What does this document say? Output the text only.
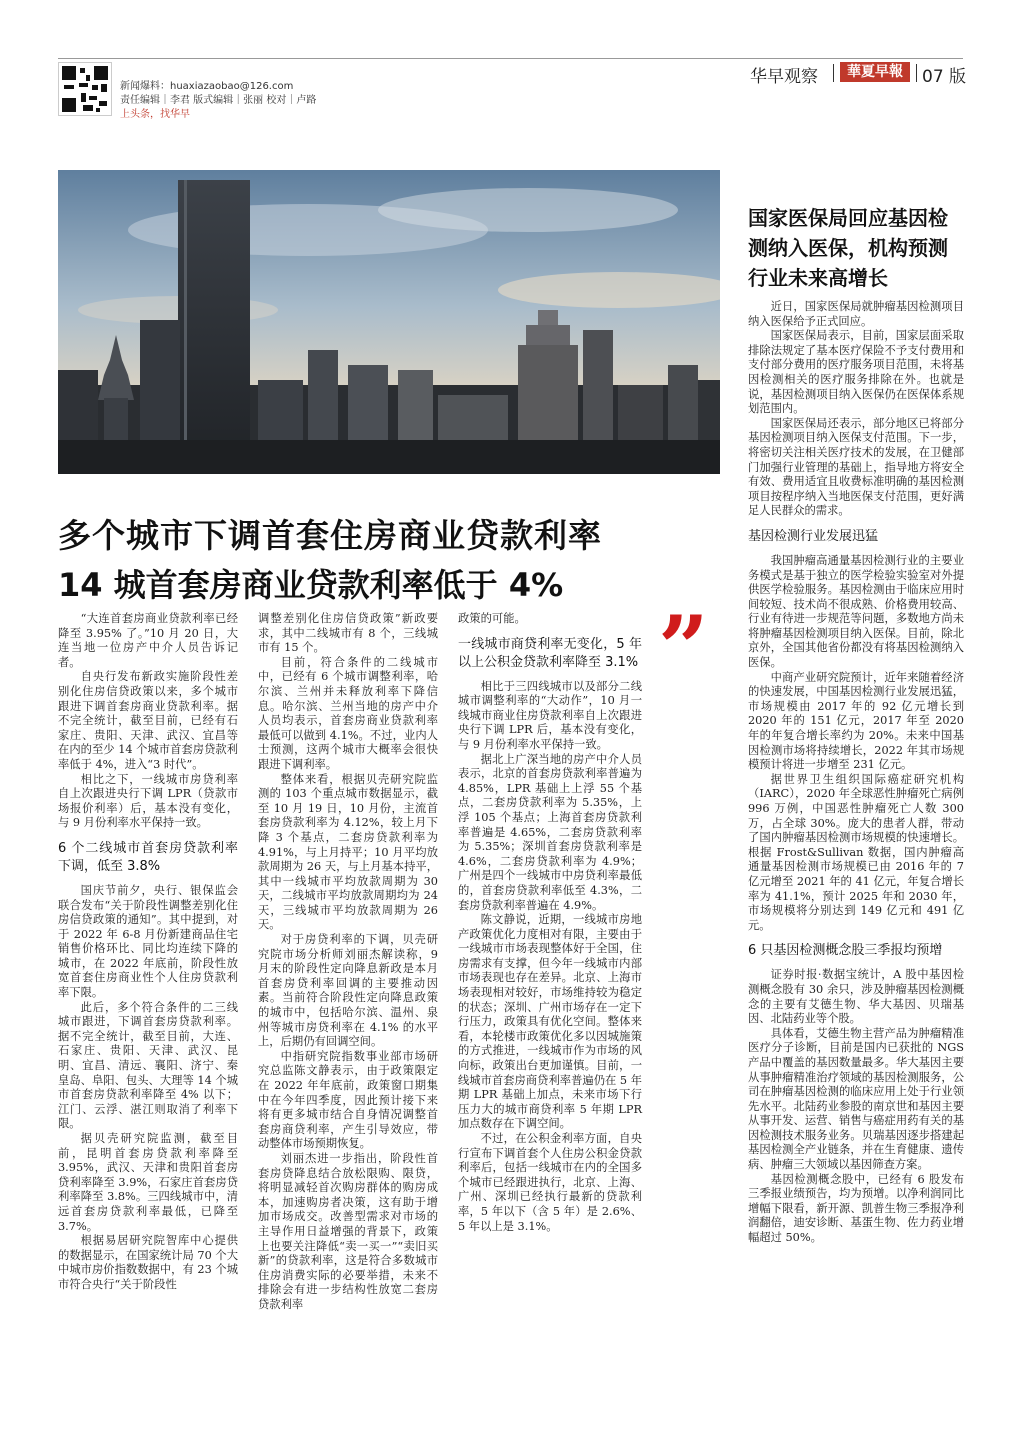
新闻爆料：huaxiazaobao@126.com
责任编辑｜李君 版式编辑｜张丽 校对｜卢路
上头条，找华早
华早观察	華夏早報	07 版
多个城市下调首套住房商业贷款利率
14 城首套房商业贷款利率低于 4%

“大连首套房商业贷款利率已经降至 3.95% 了。”10 月 20 日，大连当地一位房产中介人员告诉记者。

自央行发布新政实施阶段性差别化住房信贷政策以来，多个城市跟进下调首套房商业贷款利率。据不完全统计，截至目前，已经有石家庄、贵阳、天津、武汉、宜昌等在内的至少 14 个城市首套房贷款利率低于 4%，进入“3 时代”。

相比之下，一线城市房贷利率自上次跟进央行下调 LPR（贷款市场报价利率）后，基本没有变化，与 9 月份利率水平保持一致。

6 个二线城市首套房贷款利率下调，低至 3.8%

国庆节前夕，央行、银保监会联合发布“关于阶段性调整差别化住房信贷政策的通知”。其中提到，对于 2022 年 6-8 月份新建商品住宅销售价格环比、同比均连续下降的城市，在 2022 年底前，阶段性放宽首套住房商业性个人住房贷款利率下限。

此后，多个符合条件的二三线城市跟进，下调首套房贷款利率。据不完全统计，截至目前，大连、石家庄、贵阳、天津、武汉、昆明、宜昌、清远、襄阳、济宁、秦皇岛、阜阳、包头、大理等 14 个城市首套房贷款利率降至 4% 以下；江门、云浮、湛江则取消了利率下限。

据贝壳研究院监测，截至目前，昆明首套房贷款利率降至 3.95%，武汉、天津和贵阳首套房贷利率降至 3.9%，石家庄首套房贷利率降至 3.8%。三四线城市中，清远首套房贷款利率最低，已降至 3.7%。

根据易居研究院智库中心提供的数据显示，在国家统计局 70 个大中城市房价指数数据中，有 23 个城市符合央行“关于阶段性

调整差别化住房信贷政策”新政要求，其中二线城市有 8 个，三线城市有 15 个。

目前，符合条件的二线城市中，已经有 6 个城市调整利率，哈尔滨、兰州并未释放利率下降信息。哈尔滨、兰州当地的房产中介人员均表示，首套房商业贷款利率最低可以做到 4.1%。不过，业内人士预测，这两个城市大概率会很快跟进下调利率。

整体来看，根据贝壳研究院监测的 103 个重点城市数据显示，截至 10 月 19 日，10 月份，主流首套房贷款利率为 4.12%，较上月下降 3 个基点，二套房贷款利率为 4.91%，与上月持平；10 月平均放款周期为 26 天，与上月基本持平，其中一线城市平均放款周期为 30 天，二线城市平均放款周期均为 24 天，三线城市平均放款周期为 26 天。

对于房贷利率的下调，贝壳研究院市场分析师刘丽杰解读称，9 月末的阶段性定向降息新政是本月首套房贷利率回调的主要推动因素。当前符合阶段性定向降息政策的城市中，包括哈尔滨、温州、泉州等城市房贷利率在 4.1% 的水平上，后期仍有回调空间。

中指研究院指数事业部市场研究总监陈文静表示，由于政策限定在 2022 年年底前，政策窗口期集中在今年四季度，因此预计接下来将有更多城市结合自身情况调整首套房商贷利率，产生引导效应，带动整体市场预期恢复。

刘丽杰进一步指出，阶段性首套房贷降息结合放松限购、限贷，将明显减轻首次购房群体的购房成本，加速购房者决策，这有助于增加市场成交。改善型需求对市场的主导作用日益增强的背景下，政策上也要关注降低“卖一买一”“卖旧买新”的贷款利率，这是符合多数城市住房消费实际的必要举措，未来不排除会有进一步结构性放宽二套房贷款利率

”

政策的可能。

一线城市商贷利率无变化，5 年以上公积金贷款利率降至 3.1%

相比于三四线城市以及部分二线城市调整利率的“大动作”，10 月一线城市商业住房贷款利率自上次跟进央行下调 LPR 后，基本没有变化，与 9 月份利率水平保持一致。

据北上广深当地的房产中介人员表示，北京的首套房贷款利率普遍为 4.85%，LPR 基础上上浮 55 个基点，二套房贷款利率为 5.35%，上浮 105 个基点；上海首套房贷款利率普遍是 4.65%，二套房贷款利率为 5.35%；深圳首套房贷款利率是 4.6%，二套房贷款利率为 4.9%；广州是四个一线城市中房贷利率最低的，首套房贷款利率低至 4.3%，二套房贷款利率普遍在 4.9%。

陈文静说，近期，一线城市房地产政策优化力度相对有限，主要由于一线城市市场表现整体好于全国，住房需求有支撑，但今年一线城市内部市场表现也存在差异。北京、上海市场表现相对较好，市场维持较为稳定的状态；深圳、广州市场存在一定下行压力，政策具有优化空间。整体来看，本轮楼市政策优化多以因城施策的方式推进，一线城市作为市场的风向标，政策出台更加谨慎。目前，一线城市首套房商贷利率普遍仍在 5 年期 LPR 基础上加点，未来市场下行压力大的城市商贷利率 5 年期 LPR 加点数存在下调空间。

不过，在公积金利率方面，自央行宣布下调首套个人住房公积金贷款利率后，包括一线城市在内的全国多个城市已经跟进执行，北京、上海、广州、深圳已经执行最新的贷款利率，5 年以下（含 5 年）是 2.6%、5 年以上是 3.1%。

国家医保局回应基因检测纳入医保，机构预测行业未来高增长

近日，国家医保局就肿瘤基因检测项目纳入医保给予正式回应。

国家医保局表示，目前，国家层面采取排除法规定了基本医疗保险不予支付费用和支付部分费用的医疗服务项目范围，未将基因检测相关的医疗服务排除在外。也就是说，基因检测项目纳入医保仍在医保体系规划范围内。

国家医保局还表示，部分地区已将部分基因检测项目纳入医保支付范围。下一步，将密切关注相关医疗技术的发展，在卫健部门加强行业管理的基础上，指导地方将安全有效、费用适宜且收费标准明确的基因检测项目按程序纳入当地医保支付范围，更好满足人民群众的需求。

基因检测行业发展迅猛

我国肿瘤高通量基因检测行业的主要业务模式是基于独立的医学检验实验室对外提供医学检验服务。基因检测由于临床应用时间较短、技术尚不很成熟、价格费用较高、行业有待进一步规范等问题，多数地方尚未将肿瘤基因检测项目纳入医保。目前，除北京外，全国其他省份都没有将基因检测纳入医保。

中商产业研究院预计，近年来随着经济的快速发展，中国基因检测行业发展迅猛，市场规模由 2017 年的 92 亿元增长到 2020 年的 151 亿元，2017 年至 2020 年的年复合增长率约为 20%。未来中国基因检测市场将持续增长，2022 年其市场规模预计将进一步增至 231 亿元。

据世界卫生组织国际癌症研究机构（IARC），2020 年全球恶性肿瘤死亡病例 996 万例，中国恶性肿瘤死亡人数 300 万，占全球 30%。庞大的患者人群，带动了国内肿瘤基因检测市场规模的快速增长。根据 Frost&Sullivan 数据，国内肿瘤高通量基因检测市场规模已由 2016 年的 7 亿元增至 2021 年的 41 亿元，年复合增长率为 41.1%，预计 2025 年和 2030 年，市场规模将分别达到 149 亿元和 491 亿元。

6 只基因检测概念股三季报均预增

证券时报·数据宝统计，A 股中基因检测概念股有 30 余只，涉及肿瘤基因检测概念的主要有艾德生物、华大基因、贝瑞基因、北陆药业等个股。

具体看，艾德生物主营产品为肿瘤精准医疗分子诊断，目前是国内已获批的 NGS 产品中覆盖的基因数量最多。华大基因主要从事肿瘤精准治疗领域的基因检测服务，公司在肿瘤基因检测的临床应用上处于行业领先水平。北陆药业参股的南京世和基因主要从事开发、运营、销售与癌症用药有关的基因检测技术服务业务。贝瑞基因逐步搭建起基因检测全产业链条，并在生育健康、遗传病、肿瘤三大领域以基因筛查方案。

基因检测概念股中，已经有 6 股发布三季报业绩预告，均为预增。以净利润同比增幅下限看，新开源、凯普生物三季报净利润翻倍，迪安诊断、基蛋生物、佐力药业增幅超过 50%。
